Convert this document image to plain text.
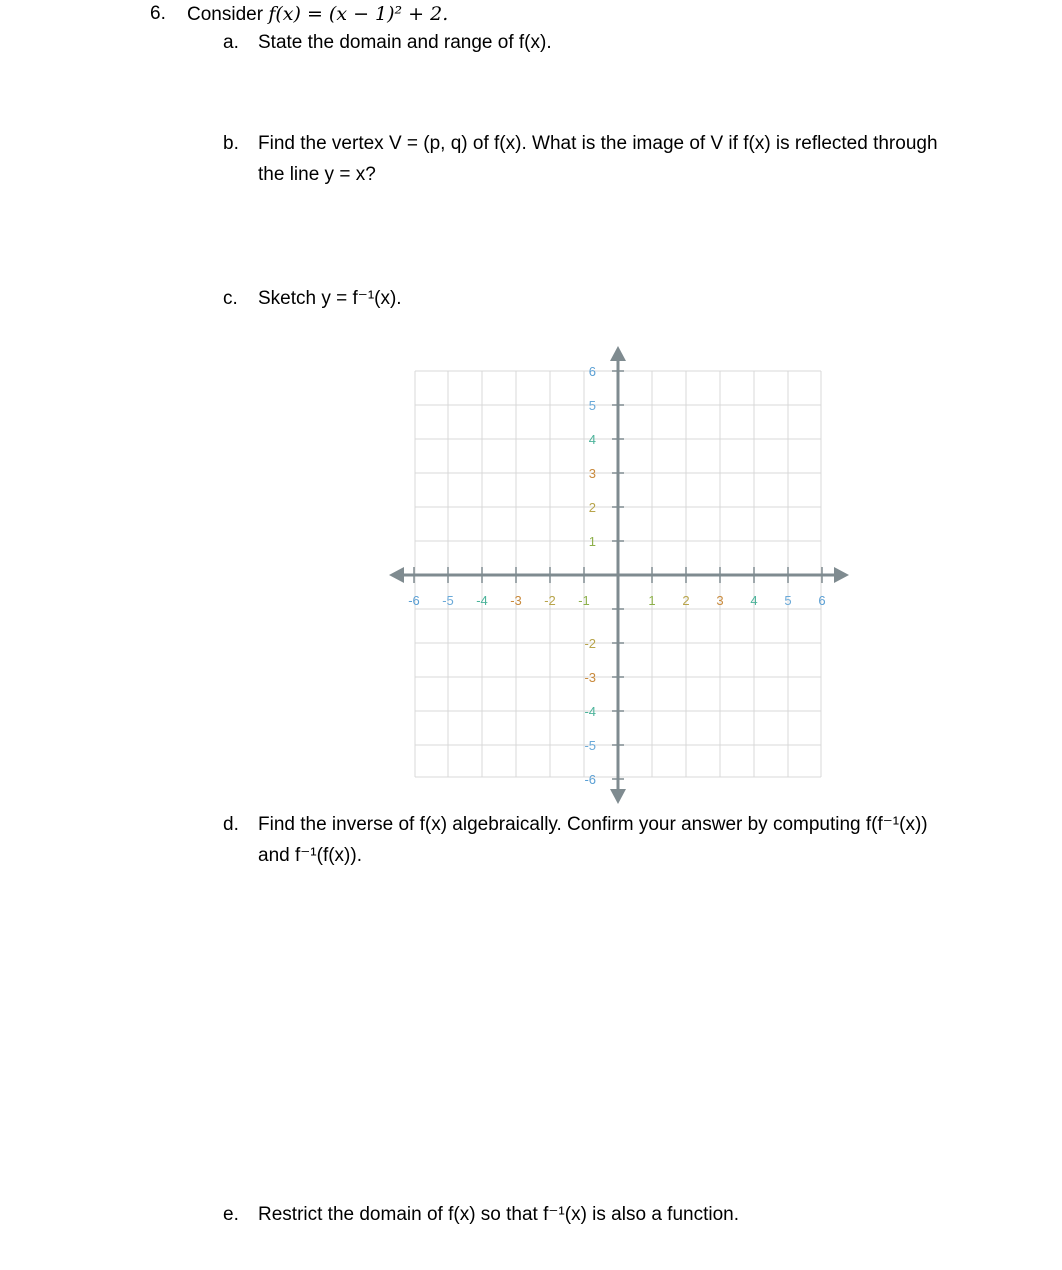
6. Consider f(x) = (x − 1)² + 2.
a. State the domain and range of f(x).
b. Find the vertex V = (p, q) of f(x). What is the image of V if f(x) is reflected through
the line y = x?
c. Sketch y = f⁻¹(x).
-6 -5 -4 -3 -2 -1	1 2 3 4 5 6
6
5
4
3
2
1
-2
-3
-4
-5
-6
d. Find the inverse of f(x) algebraically. Confirm your answer by computing f(f⁻¹(x))
and f⁻¹(f(x)).
e. Restrict the domain of f(x) so that f⁻¹(x) is also a function.
